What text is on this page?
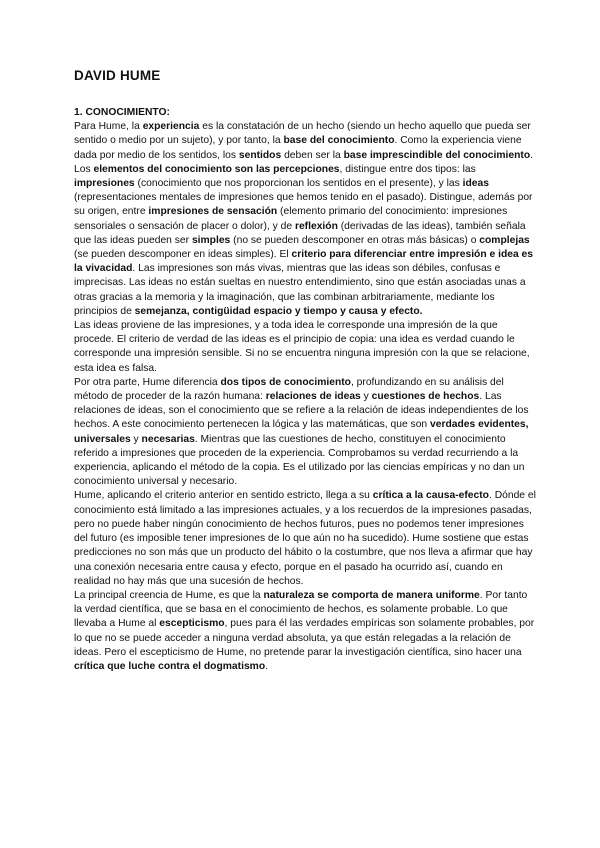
DAVID HUME
1. CONOCIMIENTO:

Para Hume, la experiencia es la constatación de un hecho (siendo un hecho aquello que pueda ser sentido o medio por un sujeto), y por tanto, la base del conocimiento. Como la experiencia viene dada por medio de los sentidos, los sentidos deben ser la base imprescindible del conocimiento.

Los elementos del conocimiento son las percepciones, distingue entre dos tipos: las impresiones (conocimiento que nos proporcionan los sentidos en el presente), y las ideas (representaciones mentales de impresiones que hemos tenido en el pasado). Distingue, además por su origen, entre impresiones de sensación (elemento primario del conocimiento: impresiones sensoriales o sensación de placer o dolor), y de reflexión (derivadas de las ideas), también señala que las ideas pueden ser simples (no se pueden descomponer en otras más básicas) o complejas (se pueden descomponer en ideas simples). El criterio para diferenciar entre impresión e idea es la vivacidad. Las impresiones son más vivas, mientras que las ideas son débiles, confusas e imprecisas. Las ideas no están sueltas en nuestro entendimiento, sino que están asociadas unas a otras gracias a la memoria y la imaginación, que las combinan arbitrariamente, mediante los principios de semejanza, contigüidad espacio y tiempo y causa y efecto.

Las ideas proviene de las impresiones, y a toda idea le corresponde una impresión de la que procede. El criterio de verdad de las ideas es el principio de copia: una idea es verdad cuando le corresponde una impresión sensible. Si no se encuentra ninguna impresión con la que se relacione, esta idea es falsa.

Por otra parte, Hume diferencia dos tipos de conocimiento, profundizando en su análisis del método de proceder de la razón humana: relaciones de ideas y cuestiones de hechos. Las relaciones de ideas, son el conocimiento que se refiere a la relación de ideas independientes de los hechos. A este conocimiento pertenecen la lógica y las matemáticas, que son verdades evidentes, universales y necesarias. Mientras que las cuestiones de hecho, constituyen el conocimiento referido a impresiones que proceden de la experiencia. Comprobamos su verdad recurriendo a la experiencia, aplicando el método de la copia. Es el utilizado por las ciencias empíricas y no dan un conocimiento universal y necesario.

Hume, aplicando el criterio anterior en sentido estricto, llega a su crítica a la causa-efecto. Dónde el conocimiento está limitado a las impresiones actuales, y a los recuerdos de la impresiones pasadas, pero no puede haber ningún conocimiento de hechos futuros, pues no podemos tener impresiones del futuro (es imposible tener impresiones de lo que aún no ha sucedido). Hume sostiene que estas predicciones no son más que un producto del hábito o la costumbre, que nos lleva a afirmar que hay una conexión necesaria entre causa y efecto, porque en el pasado ha ocurrido así, cuando en realidad no hay más que una sucesión de hechos.

La principal creencia de Hume, es que la naturaleza se comporta de manera uniforme. Por tanto la verdad científica, que se basa en el conocimiento de hechos, es solamente probable. Lo que llevaba a Hume al escepticismo, pues para él las verdades empíricas son solamente probables, por lo que no se puede acceder a ninguna verdad absoluta, ya que están relegadas a la relación de ideas. Pero el escepticismo de Hume, no pretende parar la investigación científica, sino hacer una crítica que luche contra el dogmatismo.
